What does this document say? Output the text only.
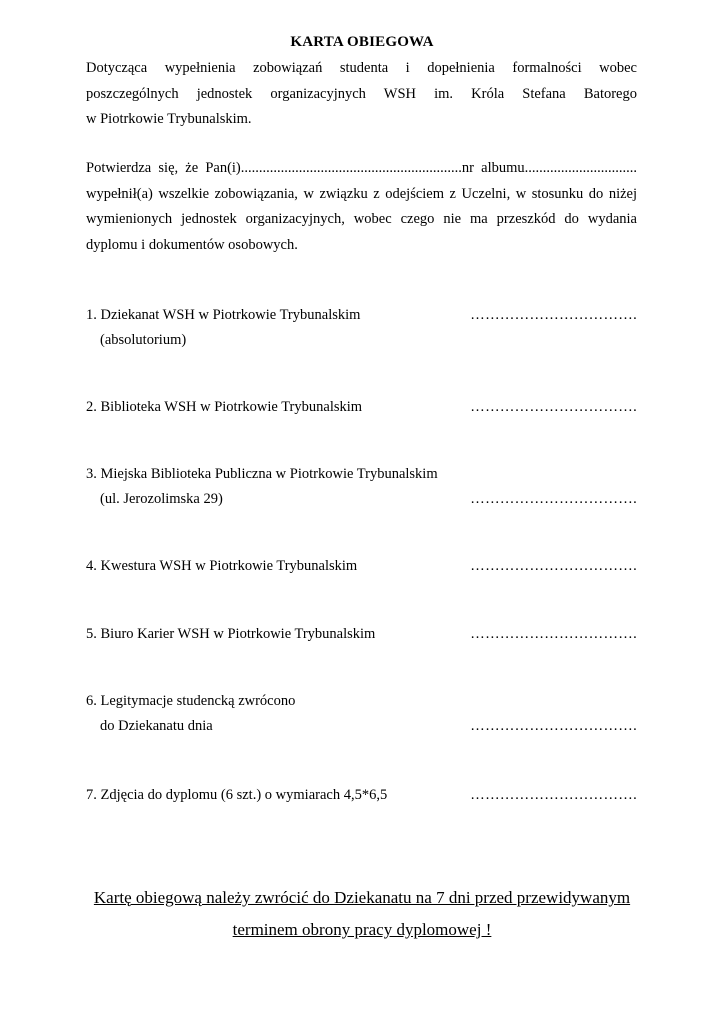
KARTA OBIEGOWA
Dotycząca wypełnienia zobowiązań studenta i dopełnienia formalności wobec
poszczególnych jednostek organizacyjnych WSH im. Króla Stefana Batorego
w Piotrkowie Trybunalskim.
Potwierdza się, że Pan(i).............................................................nr albumu...............................
wypełnił(a) wszelkie zobowiązania, w związku z odejściem z Uczelni, w stosunku do niżej
wymienionych jednostek organizacyjnych, wobec czego nie ma przeszkód do wydania
dyplomu i dokumentów osobowych.
1. Dziekanat WSH w Piotrkowie Trybunalskim	…………………………….
(absolutorium)
2. Biblioteka WSH w Piotrkowie Trybunalskim	…………………………….
3. Miejska Biblioteka Publiczna w Piotrkowie Trybunalskim
(ul. Jerozolimska 29)	…………………………….
4. Kwestura WSH w Piotrkowie Trybunalskim	…………………………….
5. Biuro Karier WSH w Piotrkowie Trybunalskim	…………………………….
6. Legitymacje studencką zwrócono
do Dziekanatu dnia	…………………………….
7. Zdjęcia do dyplomu (6 szt.) o wymiarach 4,5*6,5	…………………………….
Kartę obiegową należy zwrócić do Dziekanatu na 7 dni przed przewidywanym
terminem obrony pracy dyplomowej !
